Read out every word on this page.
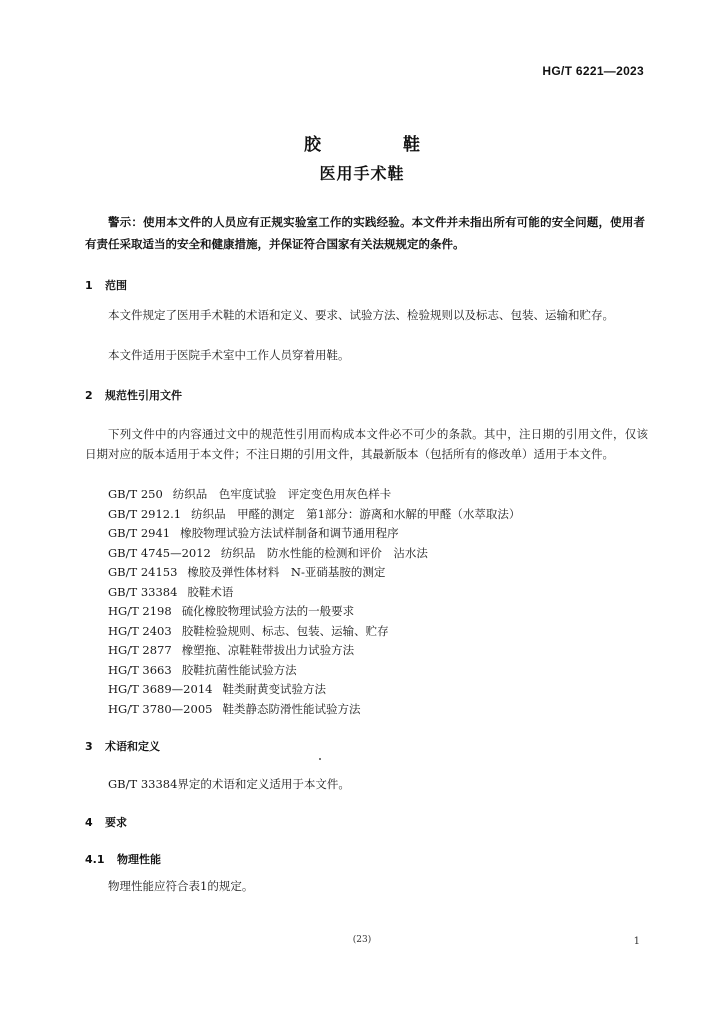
HG/T 6221—2023
胶 鞋
医用手术鞋
警示：使用本文件的人员应有正规实验室工作的实践经验。本文件并未指出所有可能的安全问题，使用者有责任采取适当的安全和健康措施，并保证符合国家有关法规规定的条件。
1 范围
本文件规定了医用手术鞋的术语和定义、要求、试验方法、检验规则以及标志、包装、运输和贮存。
本文件适用于医院手术室中工作人员穿着用鞋。
2 规范性引用文件
下列文件中的内容通过文中的规范性引用而构成本文件必不可少的条款。其中，注日期的引用文件，仅该日期对应的版本适用于本文件；不注日期的引用文件，其最新版本（包括所有的修改单）适用于本文件。
GB/T 250 纺织品　色牢度试验　评定变色用灰色样卡
GB/T 2912.1 纺织品　甲醛的测定　第1部分：游离和水解的甲醛（水萃取法）
GB/T 2941 橡胶物理试验方法试样制备和调节通用程序
GB/T 4745—2012 纺织品　防水性能的检测和评价　沾水法
GB/T 24153 橡胶及弹性体材料　N-亚硝基胺的测定
GB/T 33384 胶鞋术语
HG/T 2198 硫化橡胶物理试验方法的一般要求
HG/T 2403 胶鞋检验规则、标志、包装、运输、贮存
HG/T 2877 橡塑拖、凉鞋鞋带拔出力试验方法
HG/T 3663 胶鞋抗菌性能试验方法
HG/T 3689—2014 鞋类耐黄变试验方法
HG/T 3780—2005 鞋类静态防滑性能试验方法
3 术语和定义
GB/T 33384界定的术语和定义适用于本文件。
4 要求
4.1 物理性能
物理性能应符合表1的规定。
(23)	1
